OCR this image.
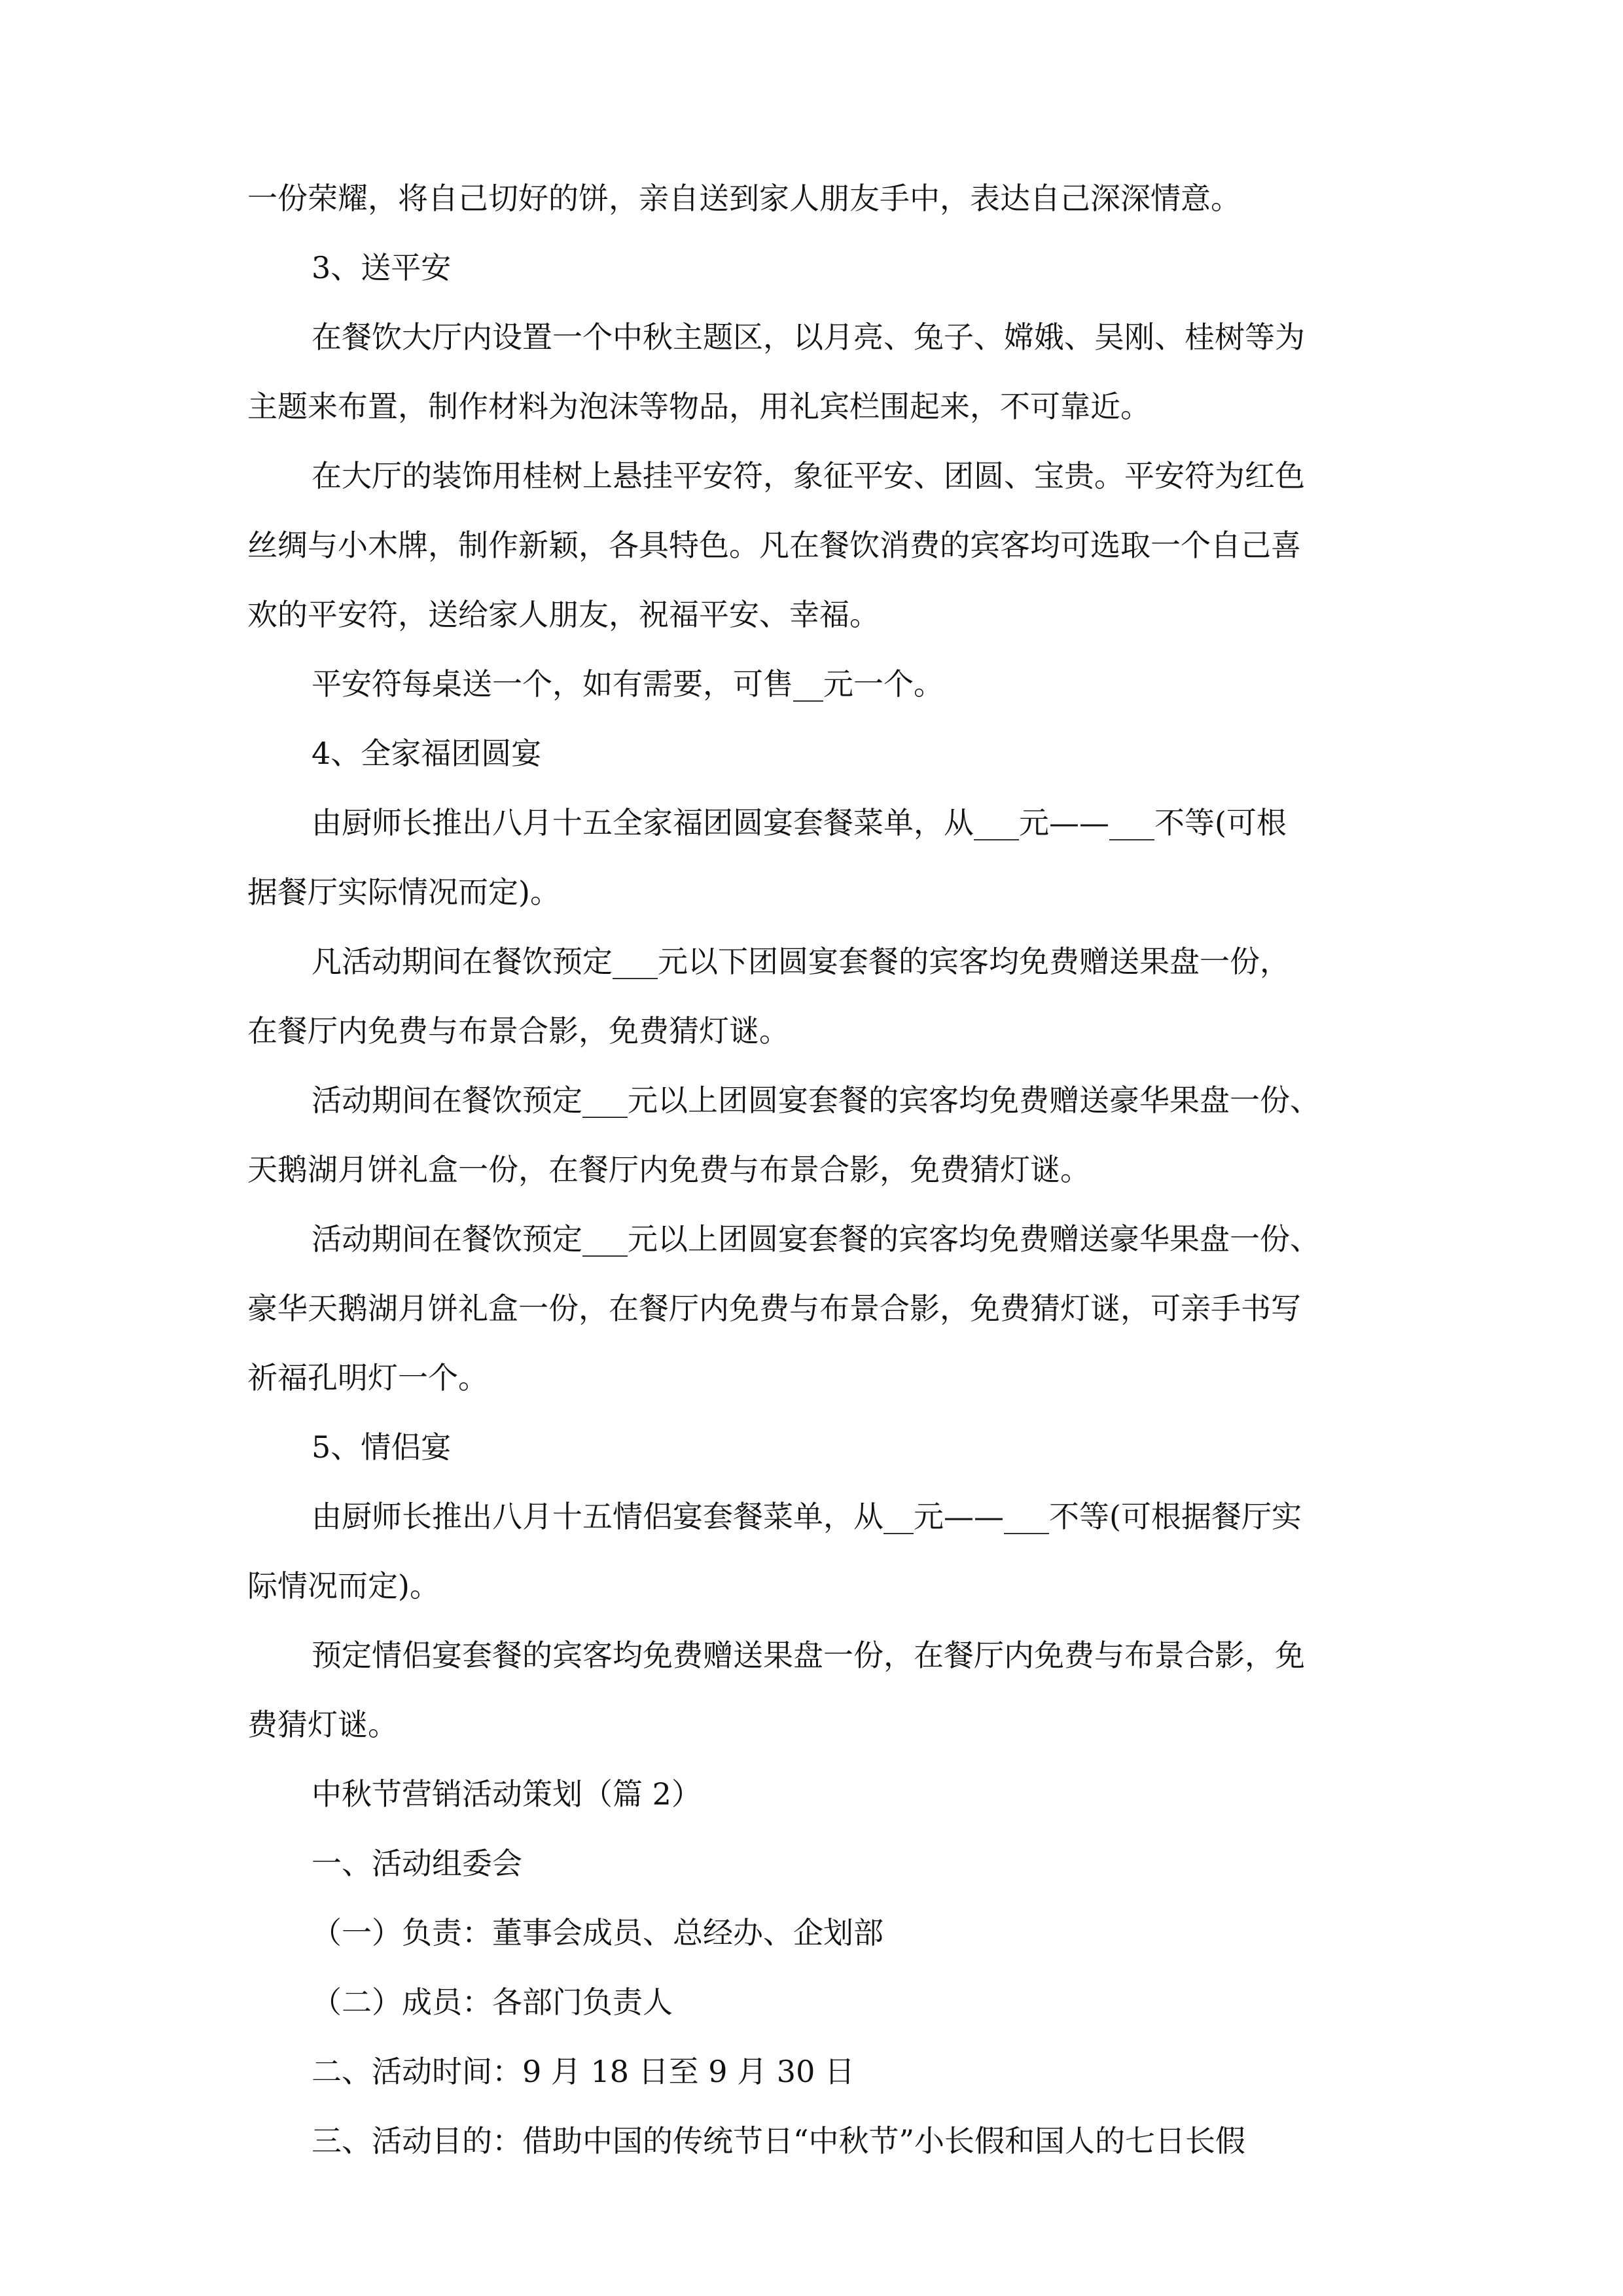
一份荣耀，将自己切好的饼，亲自送到家人朋友手中，表达自己深深情意。

3、送平安

在餐饮大厅内设置一个中秋主题区，以月亮、兔子、嫦娥、吴刚、桂树等为

主题来布置，制作材料为泡沫等物品，用礼宾栏围起来，不可靠近。

在大厅的装饰用桂树上悬挂平安符，象征平安、团圆、宝贵。平安符为红色

丝绸与小木牌，制作新颖，各具特色。凡在餐饮消费的宾客均可选取一个自己喜

欢的平安符，送给家人朋友，祝福平安、幸福。

平安符每桌送一个，如有需要，可售__元一个。

4、全家福团圆宴

由厨师长推出八月十五全家福团圆宴套餐菜单，从___元——___不等(可根

据餐厅实际情况而定)。

凡活动期间在餐饮预定___元以下团圆宴套餐的宾客均免费赠送果盘一份，

在餐厅内免费与布景合影，免费猜灯谜。

活动期间在餐饮预定___元以上团圆宴套餐的宾客均免费赠送豪华果盘一份、

天鹅湖月饼礼盒一份，在餐厅内免费与布景合影，免费猜灯谜。

活动期间在餐饮预定___元以上团圆宴套餐的宾客均免费赠送豪华果盘一份、

豪华天鹅湖月饼礼盒一份，在餐厅内免费与布景合影，免费猜灯谜，可亲手书写

祈福孔明灯一个。

5、情侣宴

由厨师长推出八月十五情侣宴套餐菜单，从__元——___不等(可根据餐厅实

际情况而定)。

预定情侣宴套餐的宾客均免费赠送果盘一份，在餐厅内免费与布景合影，免

费猜灯谜。

中秋节营销活动策划（篇 2）

一、活动组委会

（一）负责：董事会成员、总经办、企划部

（二）成员：各部门负责人

二、活动时间：9 月 18 日至 9 月 30 日

三、活动目的：借助中国的传统节日“中秋节”小长假和国人的七日长假
